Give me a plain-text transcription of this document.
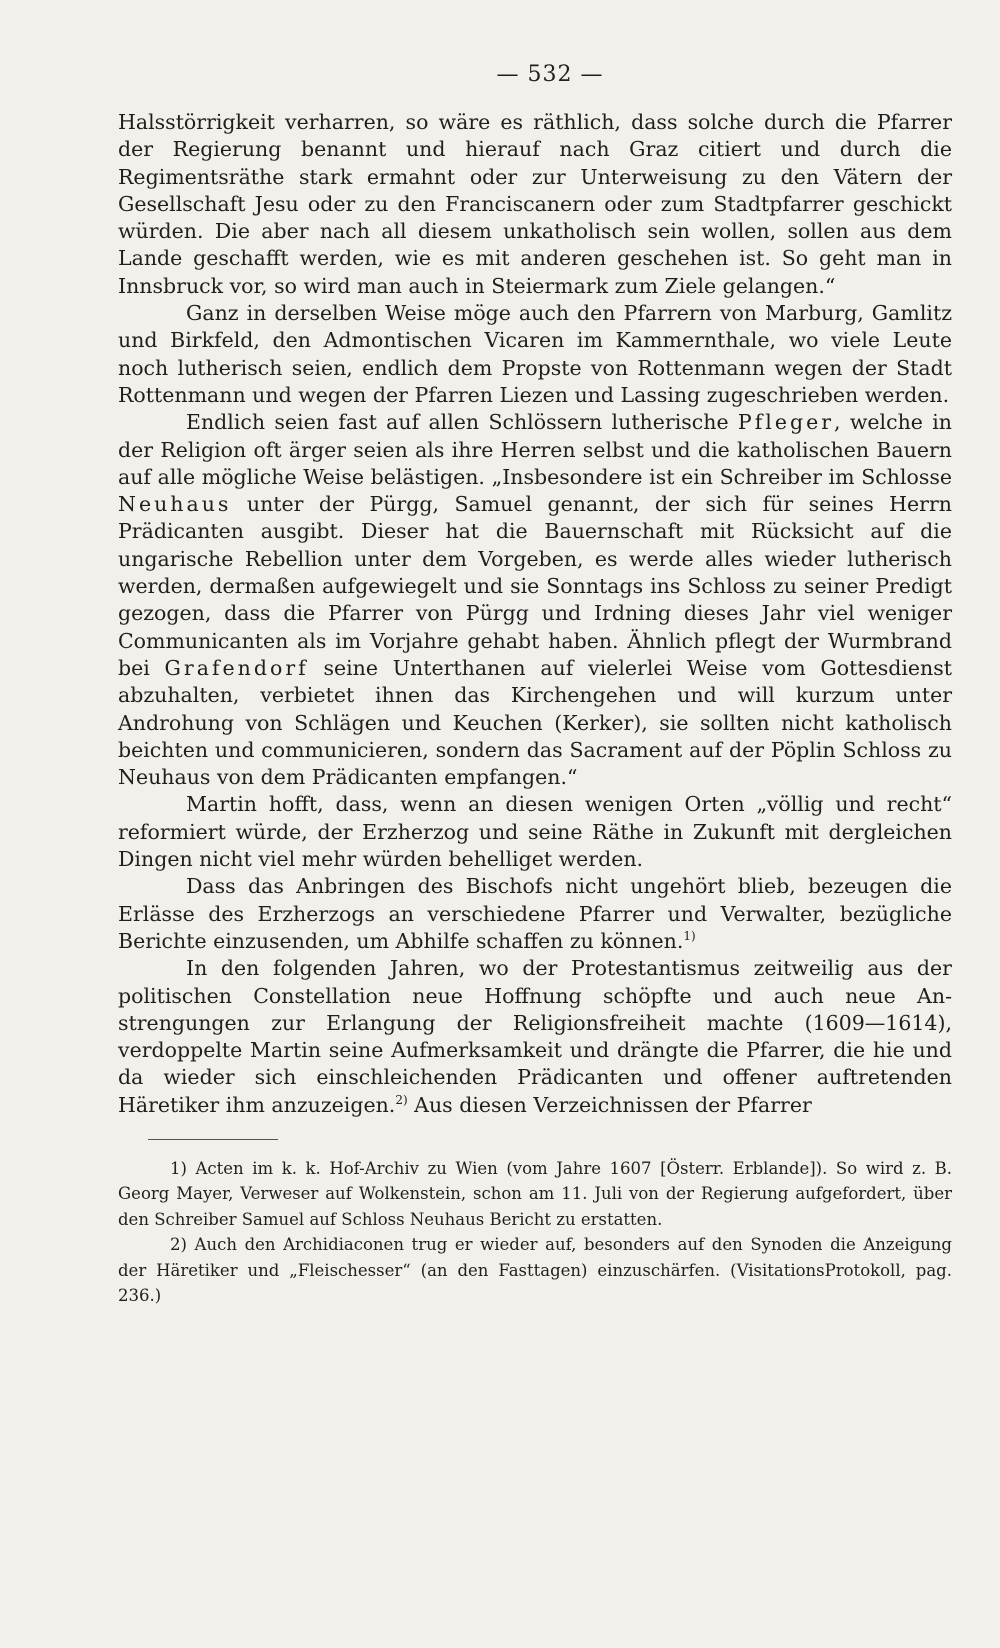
— 532 —

Halsstörrigkeit verharren, so wäre es räthlich, dass solche durch die Pfarrer der Regierung benannt und hierauf nach Graz citiert und durch die Regimentsräthe stark ermahnt oder zur Unterweisung zu den Vätern der Gesellschaft Jesu oder zu den Franciscanern oder zum Stadtpfarrer geschickt würden. Die aber nach all diesem unkatholisch sein wollen, sollen aus dem Lande geschafft werden, wie es mit anderen geschehen ist. So geht man in Innsbruck vor, so wird man auch in Steiermark zum Ziele gelangen.“

Ganz in derselben Weise möge auch den Pfarrern von Marburg, Gamlitz und Birkfeld, den Admontischen Vicaren im Kammernthale, wo viele Leute noch lutherisch seien, endlich dem Propste von Rottenmann wegen der Stadt Rottenmann und wegen der Pfarren Liezen und Lassing zugeschrieben werden.

Endlich seien fast auf allen Schlössern lutherische Pfleger, welche in der Religion oft ärger seien als ihre Herren selbst und die katholischen Bauern auf alle mögliche Weise belästigen. „Insbesondere ist ein Schreiber im Schlosse Neuhaus unter der Pürgg, Samuel genannt, der sich für seines Herrn Prädicanten ausgibt. Dieser hat die Bauernschaft mit Rücksicht auf die ungarische Rebellion unter dem Vorgeben, es werde alles wieder lutherisch werden, dermaßen aufgewiegelt und sie Sonntags ins Schloss zu seiner Predigt gezogen, dass die Pfarrer von Pürgg und Irdning dieses Jahr viel weniger Communicanten als im Vorjahre gehabt haben. Ähnlich pflegt der Wurmbrand bei Grafendorf seine Unterthanen auf vielerlei Weise vom Gottesdienst abzuhalten, verbietet ihnen das Kirchengehen und will kurzum unter Androhung von Schlägen und Keuchen (Kerker), sie sollten nicht katholisch beichten und communicieren, sondern das Sacrament auf der Pöplin Schloss zu Neuhaus von dem Prädicanten empfangen.“

Martin hofft, dass, wenn an diesen wenigen Orten „völlig und recht“ reformiert würde, der Erzherzog und seine Räthe in Zukunft mit dergleichen Dingen nicht viel mehr würden behelliget werden.

Dass das Anbringen des Bischofs nicht ungehört blieb, bezeugen die Erlässe des Erzherzogs an verschiedene Pfarrer und Verwalter, bezügliche Berichte einzusenden, um Abhilfe schaffen zu können.$^{1)}$

In den folgenden Jahren, wo der Protestantismus zeitweilig aus der politischen Constellation neue Hoffnung schöpfte und auch neue Anstrengungen zur Erlangung der Religionsfreiheit machte (1609—1614), verdoppelte Martin seine Aufmerksamkeit und drängte die Pfarrer, die hie und da wieder sich einschleichenden Prädicanten und offener auftretenden Häretiker ihm anzuzeigen.$^{2)}$ Aus diesen Verzeichnissen der Pfarrer

1) Acten im k. k. Hof-Archiv zu Wien (vom Jahre 1607 [Österr. Erblande]). So wird z. B. Georg Mayer, Verweser auf Wolkenstein, schon am 11. Juli von der Regierung aufgefordert, über den Schreiber Samuel auf Schloss Neuhaus Bericht zu erstatten.

2) Auch den Archidiaconen trug er wieder auf, besonders auf den Synoden die Anzeigung der Häretiker und „Fleischesser“ (an den Fasttagen) einzuschärfen. (VisitationsProtokoll, pag. 236.)
